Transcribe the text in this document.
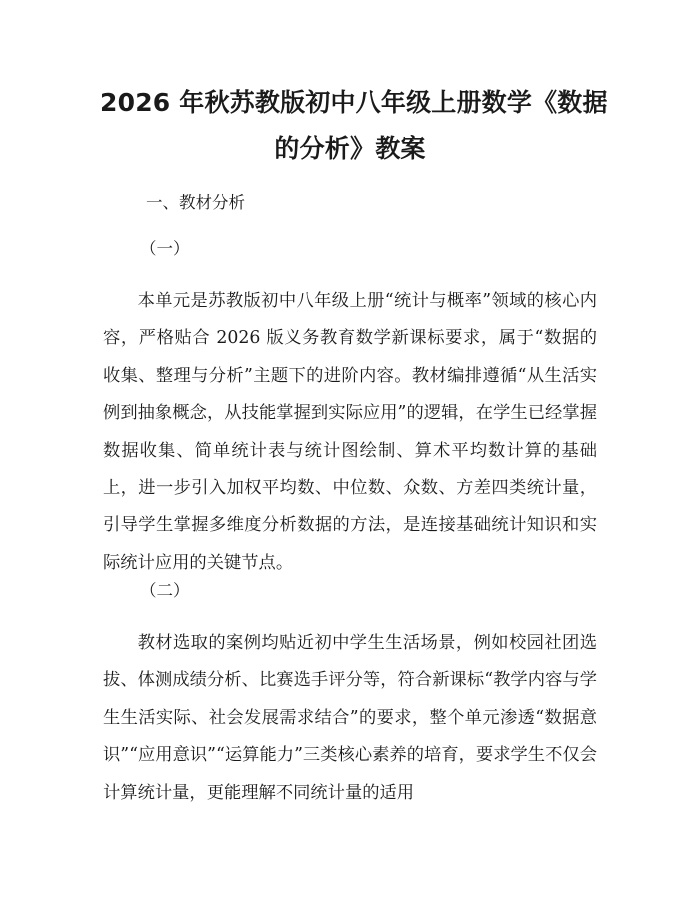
2026 年秋苏教版初中八年级上册数学《数据
的分析》教案
一、教材分析
（一）
本单元是苏教版初中八年级上册“统计与概率”领域的核心内容，严格贴合 2026 版义务教育数学新课标要求，属于“数据的收集、整理与分析”主题下的进阶内容。教材编排遵循“从生活实例到抽象概念，从技能掌握到实际应用”的逻辑，在学生已经掌握数据收集、简单统计表与统计图绘制、算术平均数计算的基础上，进一步引入加权平均数、中位数、众数、方差四类统计量，引导学生掌握多维度分析数据的方法，是连接基础统计知识和实际统计应用的关键节点。
（二）
教材选取的案例均贴近初中学生生活场景，例如校园社团选拔、体测成绩分析、比赛选手评分等，符合新课标“教学内容与学生生活实际、社会发展需求结合”的要求，整个单元渗透“数据意识”“应用意识”“运算能力”三类核心素养的培育，要求学生不仅会计算统计量，更能理解不同统计量的适用
